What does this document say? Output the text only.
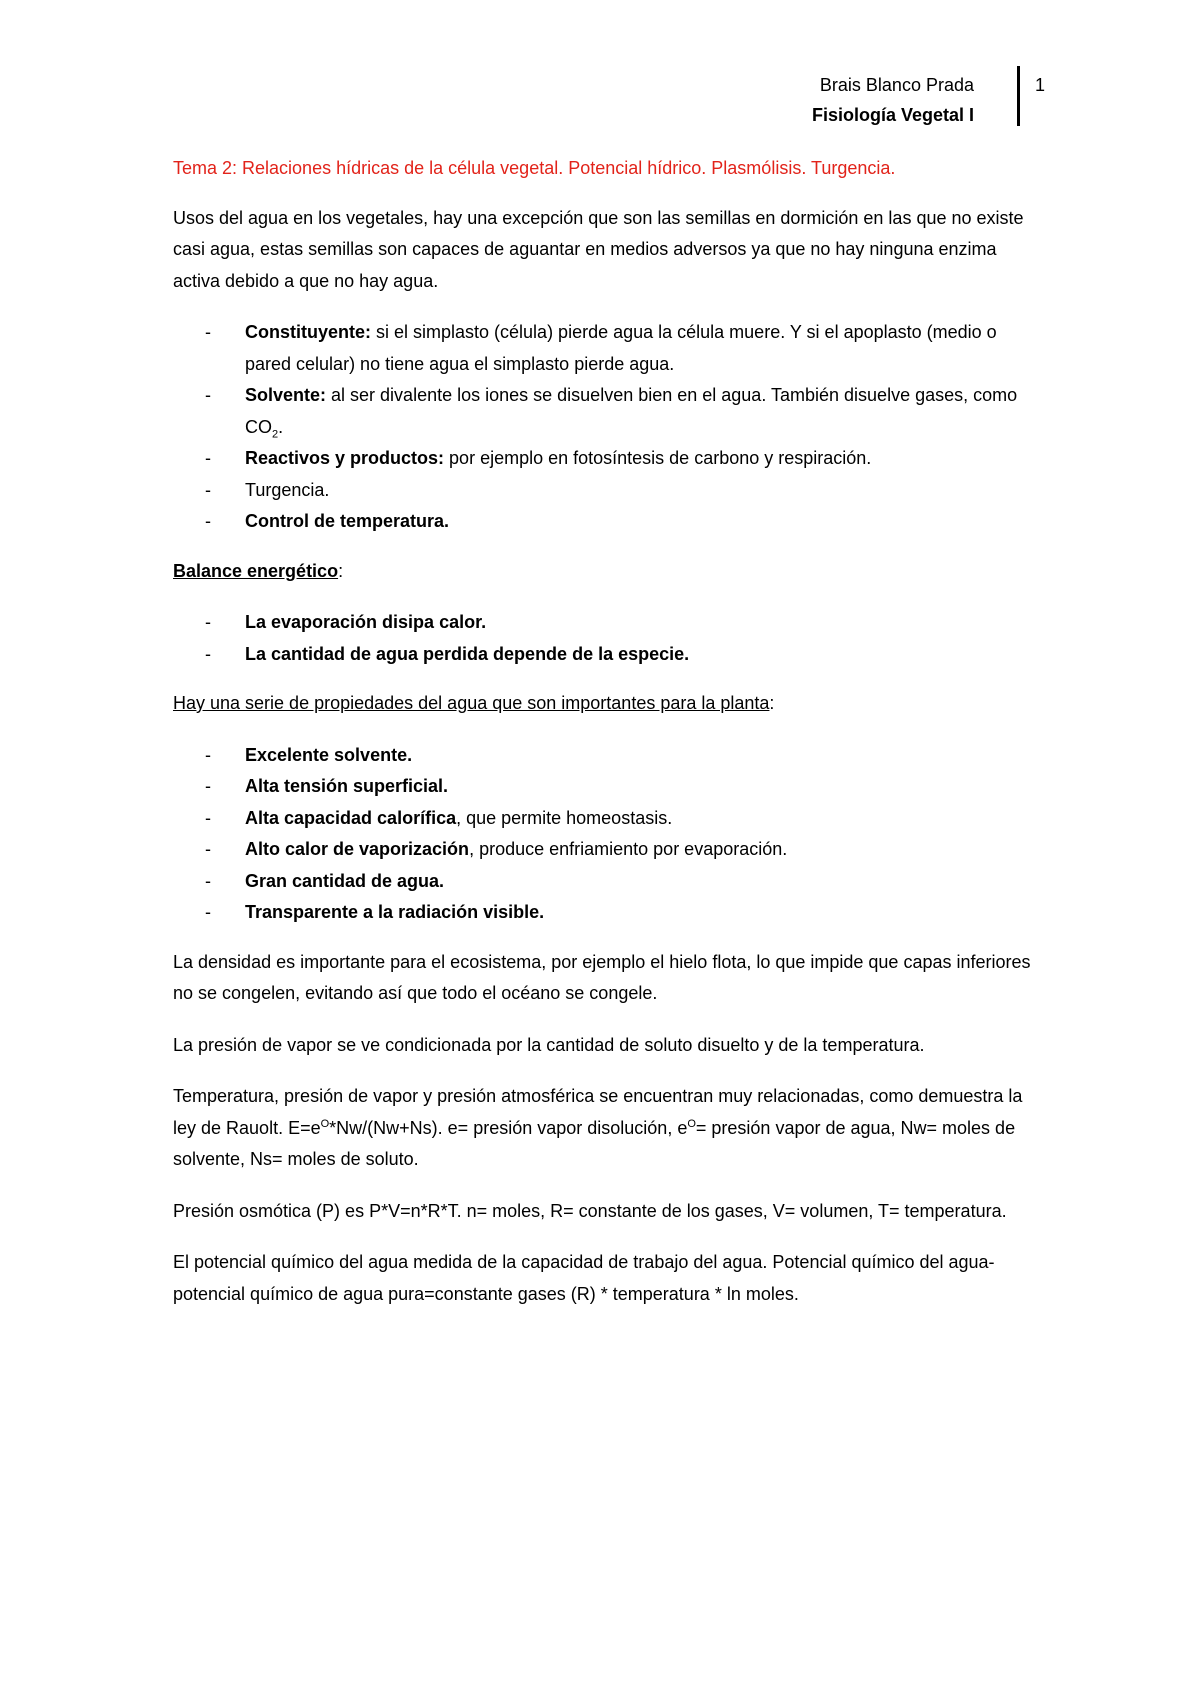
Brais Blanco Prada
Fisiología Vegetal I
1

Tema 2: Relaciones hídricas de la célula vegetal. Potencial hídrico. Plasmólisis. Turgencia.

Usos del agua en los vegetales, hay una excepción que son las semillas en dormición en las que no existe casi agua, estas semillas son capaces de aguantar en medios adversos ya que no hay ninguna enzima activa debido a que no hay agua.

- Constituyente: si el simplasto (célula) pierde agua la célula muere. Y si el apoplasto (medio o pared celular) no tiene agua el simplasto pierde agua.
- Solvente: al ser divalente los iones se disuelven bien en el agua. También disuelve gases, como $CO_2$.
- Reactivos y productos: por ejemplo en fotosíntesis de carbono y respiración.
- Turgencia.
- Control de temperatura.

Balance energético:

- La evaporación disipa calor.
- La cantidad de agua perdida depende de la especie.

Hay una serie de propiedades del agua que son importantes para la planta:

- Excelente solvente.
- Alta tensión superficial.
- Alta capacidad calorífica, que permite homeostasis.
- Alto calor de vaporización, produce enfriamiento por evaporación.
- Gran cantidad de agua.
- Transparente a la radiación visible.

La densidad es importante para el ecosistema, por ejemplo el hielo flota, lo que impide que capas inferiores no se congelen, evitando así que todo el océano se congele.

La presión de vapor se ve condicionada por la cantidad de soluto disuelto y de la temperatura.

Temperatura, presión de vapor y presión atmosférica se encuentran muy relacionadas, como demuestra la ley de Rauolt. $E=e^O*Nw/(Nw+Ns)$. e= presión vapor disolución, $e^O=$ presión vapor de agua, Nw= moles de solvente, Ns= moles de soluto.

Presión osmótica (P) es P*V=n*R*T. n= moles, R= constante de los gases, V= volumen, T= temperatura.

El potencial químico del agua medida de la capacidad de trabajo del agua. Potencial químico del agua-potencial químico de agua pura=constante gases (R) * temperatura * ln moles.
